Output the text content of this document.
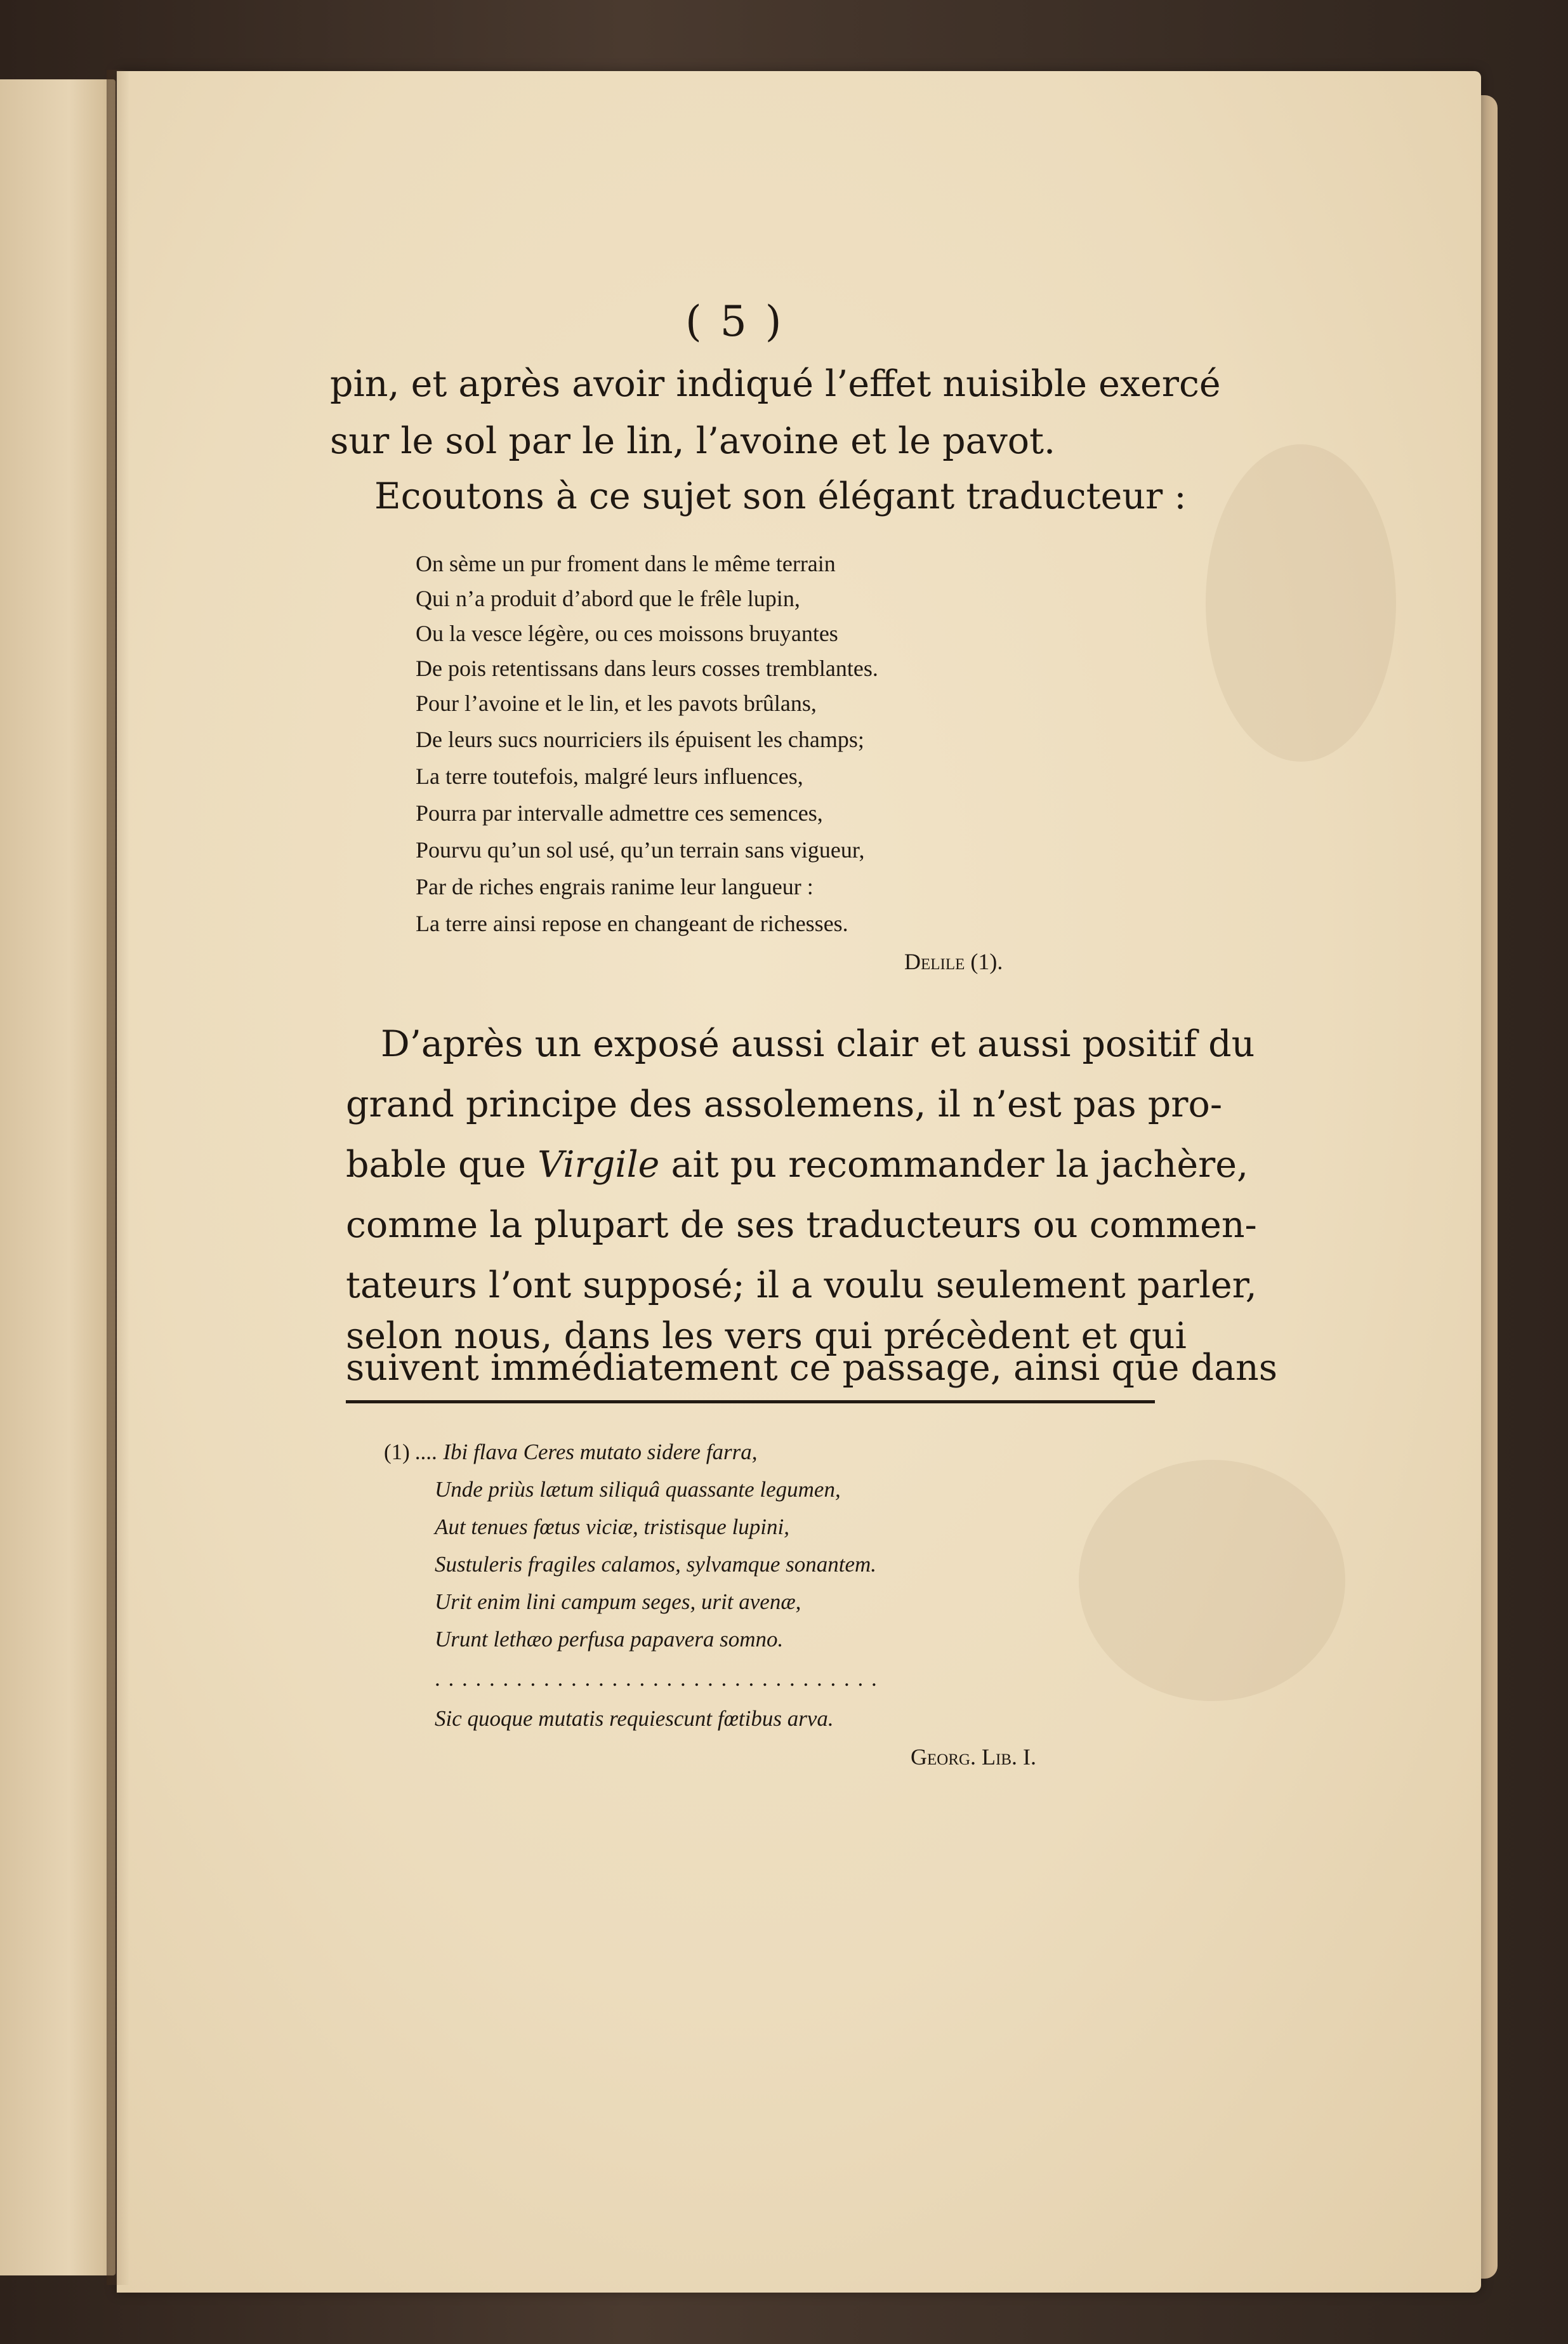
( 5 )

pin, et après avoir indiqué l’effet nuisible exercé

sur le sol par le lin, l’avoine et le pavot.

Ecoutons à ce sujet son élégant traducteur :

On sème un pur froment dans le même terrain

Qui n’a produit d’abord que le frêle lupin,

Ou la vesce légère, ou ces moissons bruyantes

De pois retentissans dans leurs cosses tremblantes.

Pour l’avoine et le lin, et les pavots brûlans,

De leurs sucs nourriciers ils épuisent les champs;

La terre toutefois, malgré leurs influences,

Pourra par intervalle admettre ces semences,

Pourvu qu’un sol usé, qu’un terrain sans vigueur,

Par de riches engrais ranime leur langueur :

La terre ainsi repose en changeant de richesses.

Delile (1).

D’après un exposé aussi clair et aussi positif du

grand principe des assolemens, il n’est pas pro-

bable que Virgile ait pu recommander la jachère,

comme la plupart de ses traducteurs ou commen-

tateurs l’ont supposé; il a voulu seulement parler,

selon nous, dans les vers qui précèdent et qui

suivent immédiatement ce passage, ainsi que dans

(1) .... Ibi flava Ceres mutato sidere farra,

Unde priùs lætum siliquâ quassante legumen,

Aut tenues fœtus viciæ, tristisque lupini,

Sustuleris fragiles calamos, sylvamque sonantem.

Urit enim lini campum seges, urit avenæ,

Urunt lethæo perfusa papavera somno.

. . . . . . . . . . . . . . . . . . . . . . . . . . . . . . . . .

Sic quoque mutatis requiescunt fœtibus arva.

Georg. Lib. I.
